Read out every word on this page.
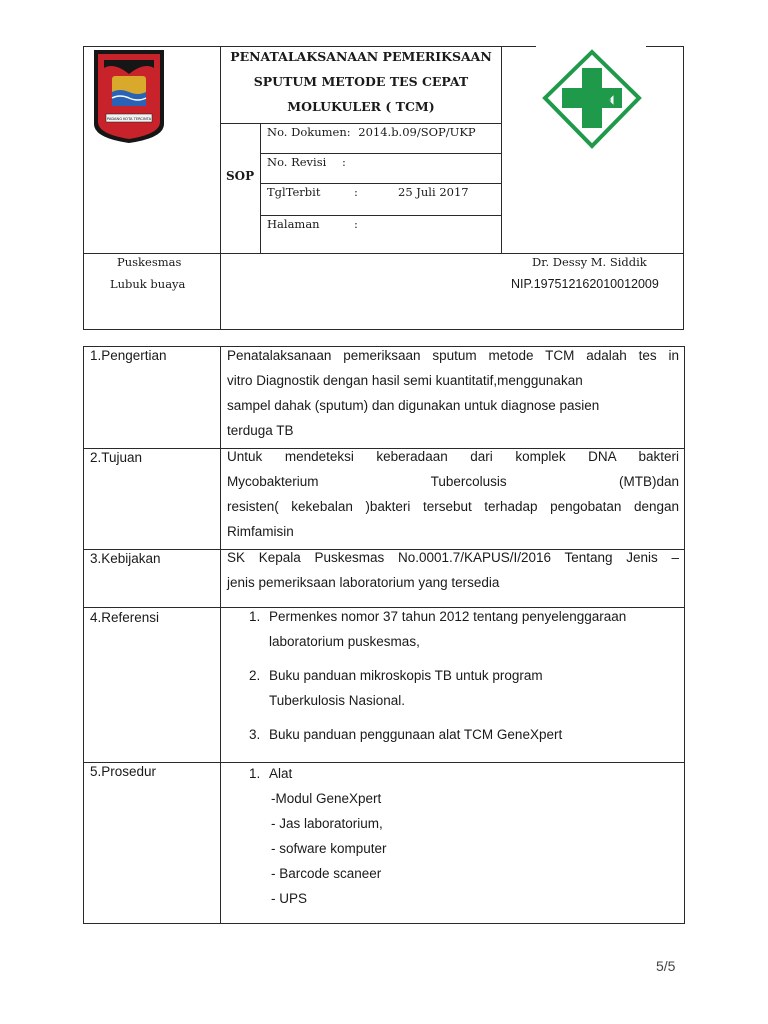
PADANG KOTA TERCINTA
PENATALAKSANAAN PEMERIKSAAN SPUTUM METODE TES CEPAT MOLUKULER ( TCM)
SOP
No. Dokumen: 2014.b.09/SOP/UKP
No. Revisi :
TglTerbit	:	25 Juli 2017
Halaman	:
Puskesmas
Lubuk buaya
Dr. Dessy M. Siddik
NIP.197512162010012009
1.Pengertian	Penatalaksanaan pemeriksaan sputum metode TCM adalah tes in
vitro Diagnostik dengan hasil semi kuantitatif,menggunakan
sampel dahak (sputum) dan digunakan untuk diagnose pasien
terduga TB
2.Tujuan	Untuk mendeteksi keberadaan dari komplek DNA bakteri
Mycobakterium Tubercolusis (MTB)dan
resisten( kekebalan )bakteri tersebut terhadap pengobatan dengan
Rimfamisin
3.Kebijakan	SK Kepala Puskesmas No.0001.7/KAPUS/I/2016 Tentang Jenis –
jenis pemeriksaan laboratorium yang tersedia
4.Referensi	1. Permenkes nomor 37 tahun 2012 tentang penyelenggaraan
laboratorium puskesmas,
2. Buku panduan mikroskopis TB untuk program
Tuberkulosis Nasional.
3. Buku panduan penggunaan alat TCM GeneXpert
5.Prosedur	1. Alat
-Modul GeneXpert
- Jas laboratorium,
- sofware komputer
- Barcode scaneer
- UPS
5/5
